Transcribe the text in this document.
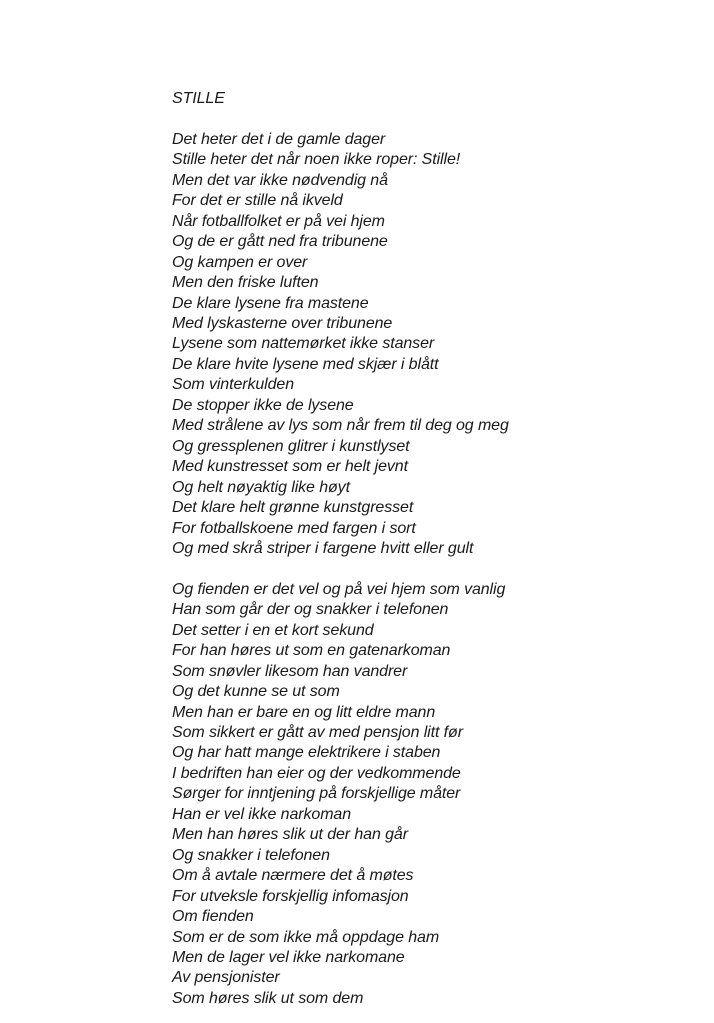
STILLE
Det heter det i de gamle dager
Stille heter det når noen ikke roper: Stille!
Men det var ikke nødvendig nå
For det er stille nå ikveld
Når fotballfolket er på vei hjem
Og de er gått ned fra tribunene
Og kampen er over
Men den friske luften
De klare lysene fra mastene
Med lyskasterne over tribunene
Lysene som nattemørket ikke stanser
De klare hvite lysene med skjær i blått
Som vinterkulden
De stopper ikke de lysene
Med strålene av lys som når frem til deg og meg
Og gressplenen glitrer i kunstlyset
Med kunstresset som er helt jevnt
Og helt nøyaktig like høyt
Det klare helt grønne kunstgresset
For fotballskoene med fargen i sort
Og med skrå striper i fargene hvitt eller gult
Og fienden er det vel og på vei hjem som vanlig
Han som går der og snakker i telefonen
Det setter i en et kort sekund
For han høres ut som en gatenarkoman
Som snøvler likesom han vandrer
Og det kunne se ut som
Men han er bare en og litt eldre mann
Som sikkert er gått av med pensjon litt før
Og har hatt mange elektrikere i staben
I bedriften han eier og der vedkommende
Sørger for inntjening på forskjellige måter
Han er vel ikke narkoman
Men han høres slik ut der han går
Og snakker i telefonen
Om å avtale nærmere det å møtes
For utveksle forskjellig infomasjon
Om fienden
Som er de som ikke må oppdage ham
Men de lager vel ikke narkomane
Av pensjonister
Som høres slik ut som dem
